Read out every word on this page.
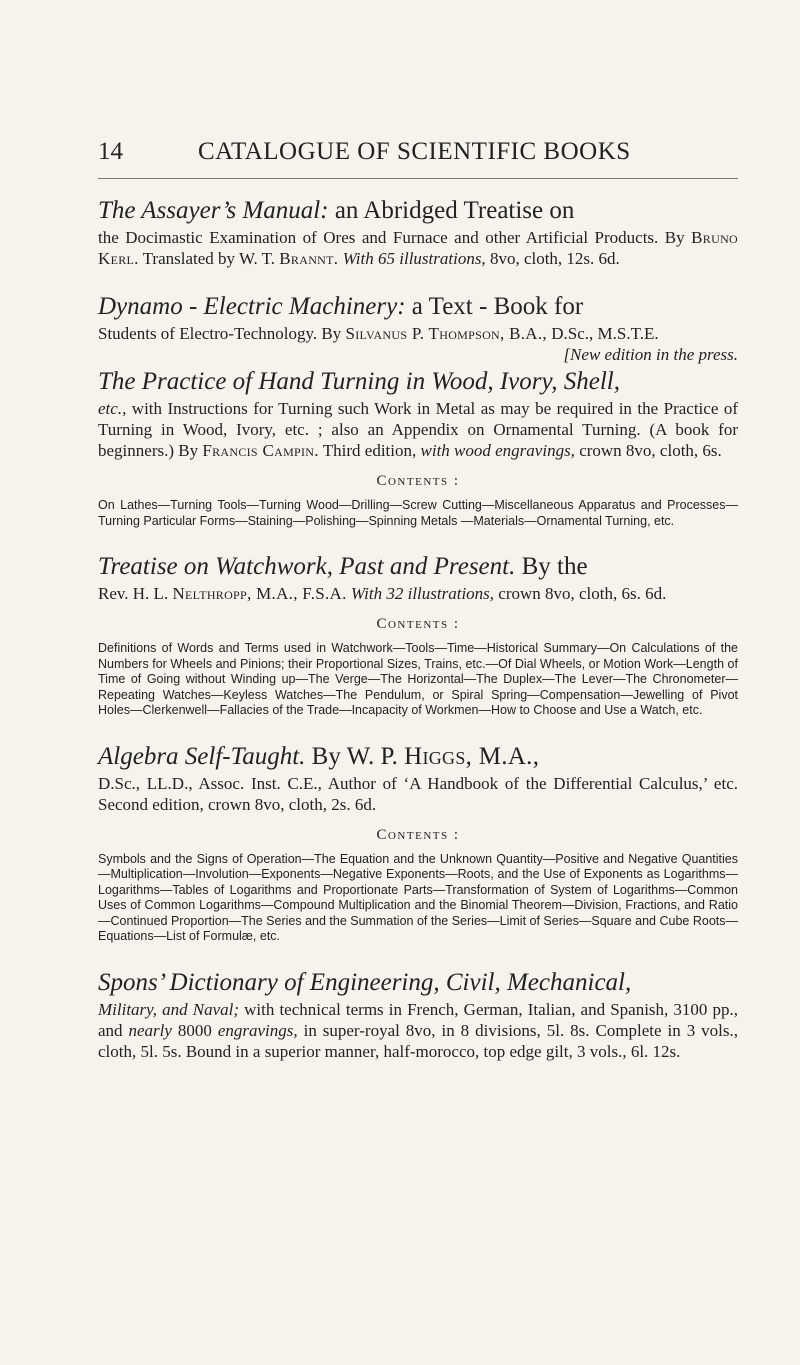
14	CATALOGUE OF SCIENTIFIC BOOKS
The Assayer’s Manual: an Abridged Treatise on

the Docimastic Examination of Ores and Furnace and other Artificial Products. By Bruno Kerl. Translated by W. T. Brannt. With 65 illustrations, 8vo, cloth, 12s. 6d.

Dynamo - Electric Machinery: a Text - Book for

Students of Electro-Technology. By Silvanus P. Thompson, B.A., D.Sc., M.S.T.E.
[New edition in the press.

The Practice of Hand Turning in Wood, Ivory, Shell,

etc., with Instructions for Turning such Work in Metal as may be required in the Practice of Turning in Wood, Ivory, etc. ; also an Appendix on Ornamental Turning. (A book for beginners.) By Francis Campin. Third edition, with wood engravings, crown 8vo, cloth, 6s.

Contents :

On Lathes—Turning Tools—Turning Wood—Drilling—Screw Cutting—Miscellaneous Apparatus and Processes—Turning Particular Forms—Staining—Polishing—Spinning Metals —Materials—Ornamental Turning, etc.

Treatise on Watchwork, Past and Present. By the

Rev. H. L. Nelthropp, M.A., F.S.A. With 32 illustrations, crown 8vo, cloth, 6s. 6d.

Contents :

Definitions of Words and Terms used in Watchwork—Tools—Time—Historical Summary—On Calculations of the Numbers for Wheels and Pinions; their Proportional Sizes, Trains, etc.—Of Dial Wheels, or Motion Work—Length of Time of Going without Winding up—The Verge—The Horizontal—The Duplex—The Lever—The Chronometer—Repeating Watches—Keyless Watches—The Pendulum, or Spiral Spring—Compensation—Jewelling of Pivot Holes—Clerkenwell—Fallacies of the Trade—Incapacity of Workmen—How to Choose and Use a Watch, etc.

Algebra Self-Taught. By W. P. Higgs, M.A.,

D.Sc., LL.D., Assoc. Inst. C.E., Author of ‘A Handbook of the Differential Calculus,’ etc. Second edition, crown 8vo, cloth, 2s. 6d.

Contents :

Symbols and the Signs of Operation—The Equation and the Unknown Quantity—Positive and Negative Quantities—Multiplication—Involution—Exponents—Negative Exponents—Roots, and the Use of Exponents as Logarithms—Logarithms—Tables of Logarithms and Proportionate Parts—Transformation of System of Logarithms—Common Uses of Common Logarithms—Compound Multiplication and the Binomial Theorem—Division, Fractions, and Ratio—Continued Proportion—The Series and the Summation of the Series—Limit of Series—Square and Cube Roots—Equations—List of Formulæ, etc.

Spons’ Dictionary of Engineering, Civil, Mechanical,

Military, and Naval; with technical terms in French, German, Italian, and Spanish, 3100 pp., and nearly 8000 engravings, in super-royal 8vo, in 8 divisions, 5l. 8s. Complete in 3 vols., cloth, 5l. 5s. Bound in a superior manner, half-morocco, top edge gilt, 3 vols., 6l. 12s.
